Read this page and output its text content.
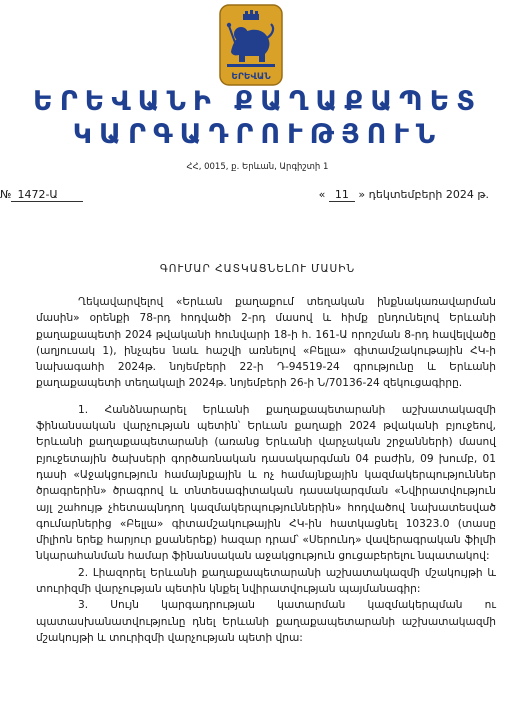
ԵՐԵՎԱՆ
ԵՐԵՎԱՆԻ ՔԱՂԱՔԱՊԵՏ
ԿԱՐԳԱԴՐՈՒԹՅՈՒՆ
ՀՀ, 0015, ք. Երևան, Արգիշտի 1
№ 1472-Ա	« 11 » դեկտեմբերի 2024 թ.
ԳՈՒՄԱՐ ՀԱՏԿԱՑՆԵԼՈՒ ՄԱՍԻՆ

Ղեկավարվելով «Երևան քաղաքում տեղական ինքնակառավարման մասին» օրենքի 78-րդ հոդվածի 2-րդ մասով և հիմք ընդունելով Երևանի քաղաքապետի 2024 թվականի հունվարի 18-ի հ. 161-Ա որոշման 8-րդ հավելվածը (աղյուսակ 1), ինչպես նաև հաշվի առնելով «Բելլա» գիտամշակութային ՀԿ-ի նախագահի 2024թ. նոյեմբերի 22-ի Դ-94519-24 գրությունը և Երևանի քաղաքապետի տեղակալի 2024թ. նոյեմբերի 26-ի Ն/70136-24 զեկուցագիրը.

1. Հանձնարարել Երևանի քաղաքապետարանի աշխատակազմի ֆինանսական վարչության պետին՝ Երևան քաղաքի 2024 թվականի բյուջեով, Երևանի քաղաքապետարանի (առանց Երևանի վարչական շրջանների) մասով բյուջետային ծախսերի գործառնական դասակարգման 04 բաժին, 09 խումբ, 01 դասի «Աջակցություն համայնքային և ոչ համայնքային կազմակերպություններ ծրագրերին» ծրագրով և տնտեսագիտական դասակարգման «Նվիրատվություն այլ շահույթ չհետապնդող կազմակերպություններին» հոդվածով նախատեսված գումարներից «Բելլա» գիտամշակութային ՀԿ-ին հատկացնել 10323.0 (տասը միլիոն երեք հարյուր քսաներեք) հազար դրամ՝ «Սերունդ» վավերագրական ֆիլմի նկարահանման համար ֆինանսական աջակցություն ցուցաբերելու նպատակով:

2. Լիազորել Երևանի քաղաքապետարանի աշխատակազմի մշակույթի և տուրիզմի վարչության պետին կնքել նվիրատվության պայմանագիր:

3. Սույն կարգադրության կատարման կազմակերպման ու պատասխանատվությունը դնել Երևանի քաղաքապետարանի աշխատակազմի մշակույթի և տուրիզմի վարչության պետի վրա:
